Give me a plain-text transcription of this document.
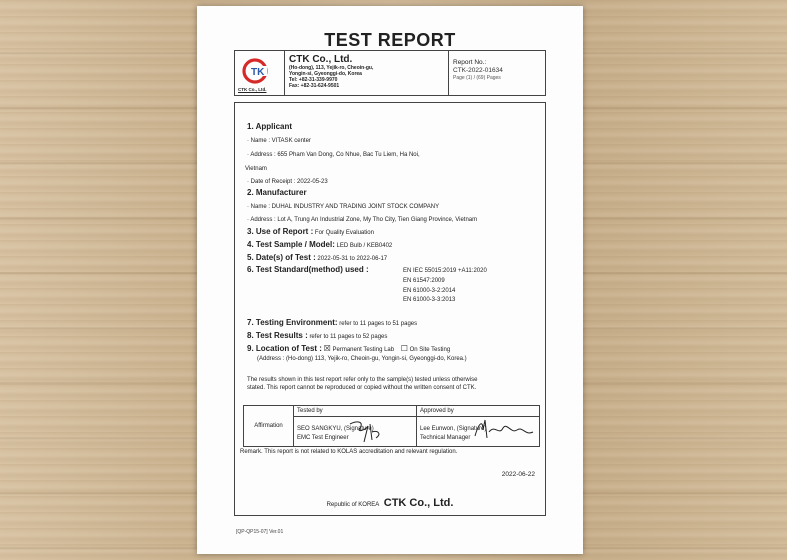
TEST REPORT
TK
CTK Co., Ltd.
CTK Co., Ltd.
(Ho-dong), 113, Yejik-ro, Cheoin-gu,
Yongin-si, Gyeonggi-do, Korea
Tel: +82-31-339-9970
Fax: +82-31-624-9501
Report No.:
CTK-2022-01634
Page (1) / (69) Pages
1. Applicant
· Name : VITASK center
· Address : 655 Pham Van Dong, Co Nhue, Bac Tu Liem, Ha Noi,
Vietnam
· Date of Receipt : 2022-05-23
2. Manufacturer
· Name : DUHAL INDUSTRY AND TRADING JOINT STOCK COMPANY
· Address : Lot A, Trung An Industrial Zone, My Tho City, Tien Giang Province, Vietnam
3. Use of Report : For Quality Evaluation
4. Test Sample / Model: LED Bulb / KEB0402
5. Date(s) of Test : 2022-05-31 to 2022-06-17
6. Test Standard(method) used :	EN IEC 55015:2019 +A11:2020
EN 61547:2009
EN 61000-3-2:2014
EN 61000-3-3:2013
7. Testing Environment: refer to 11 pages to 51 pages
8. Test Results : refer to 11 pages to 52 pages
9. Location of Test : ☒ Permanent Testing Lab ☐ On Site Testing
(Address : (Ho-dong) 113, Yejik-ro, Cheoin-gu, Yongin-si, Gyeonggi-do, Korea.)
The results shown in this test report refer only to the sample(s) tested unless otherwise
stated. This report cannot be reproduced or copied without the written consent of CTK.
Affirmation
Tested by
SEO SANGKYU, (Signature)
EMC Test Engineer
Approved by
Lee Eunwon, (Signature)
Technical Manager
Remark. This report is not related to KOLAS accreditation and relevant regulation.
2022-06-22
Republic of KOREA CTK Co., Ltd.
[QP-QP15-07] Ver.01
